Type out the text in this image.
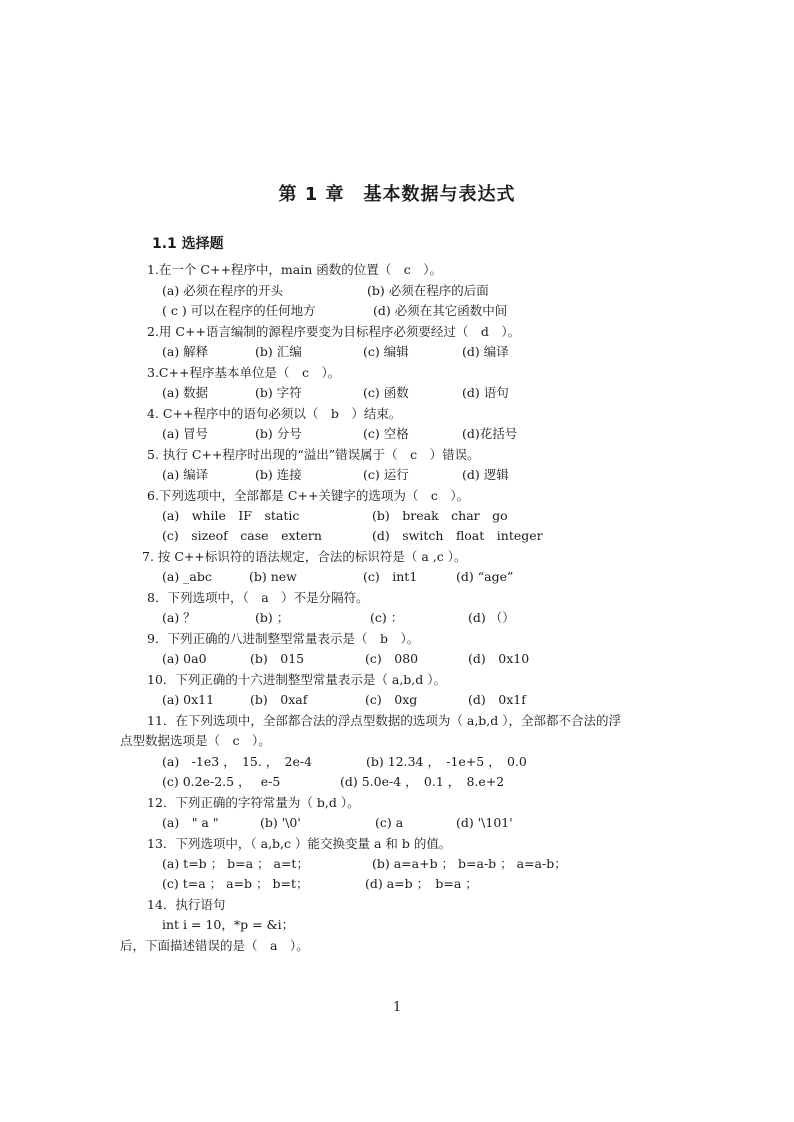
第 1 章　基本数据与表达式
1.1 选择题
1
1.在一个 C++程序中，main 函数的位置（　c　）。
(a) 必须在程序的开头	(b) 必须在程序的后面
( c ) 可以在程序的任何地方	(d) 必须在其它函数中间
2.用 C++语言编制的源程序要变为目标程序必须要经过（　d　）。
(a) 解释	(b) 汇编	(c) 编辑	(d) 编译
3.C++程序基本单位是（　c　）。
(a) 数据	(b) 字符	(c) 函数	(d) 语句
4. C++程序中的语句必须以（　b　）结束。
(a) 冒号	(b) 分号	(c) 空格	(d)花括号
5. 执行 C++程序时出现的“溢出”错误属于（　c　）错误。
(a) 编译	(b) 连接	(c) 运行	(d) 逻辑
6.下列选项中，全部都是 C++关键字的选项为（　c　）。
(a)　while　IF　static	(b)　break　char　go
(c)　sizeof　case　extern	(d)　switch　float　integer
7. 按 C++标识符的语法规定，合法的标识符是（ a ,c ）。
(a) _abc	(b) new	(c)　int1	(d) “age”
8．下列选项中，（　a　）不是分隔符。
(a) ？	(b) ；	(c) ：	(d) （）
9．下列正确的八进制整型常量表示是（　b　）。
(a) 0a0	(b)　015	(c)　080	(d)　0x10
10．下列正确的十六进制整型常量表示是（ a,b,d ）。
(a) 0x11	(b)　0xaf	(c)　0xg	(d)　0x1f
11．在下列选项中，全部都合法的浮点型数据的选项为（ a,b,d ），全部都不合法的浮
点型数据选项是（　c　）。
(a)　-1e3 ，　15. ，　2e-4	(b) 12.34 ，　-1e+5 ，　0.0
(c) 0.2e-2.5 ，　 e-5	(d) 5.0e-4 ，　0.1 ，　8.e+2
12．下列正确的字符常量为（ b,d ）。
(a)　" a "	(b) '\0'	(c) a	(d) '\101'
13．下列选项中，（ a,b,c ）能交换变量 a 和 b 的值。
(a) t=b ； b=a ； a=t；	(b) a=a+b ； b=a-b ； a=a-b；
(c) t=a ； a=b ； b=t；	(d) a=b ；　b=a ；
14．执行语句
int i = 10，*p = &i；
后，下面描述错误的是（　a　）。
